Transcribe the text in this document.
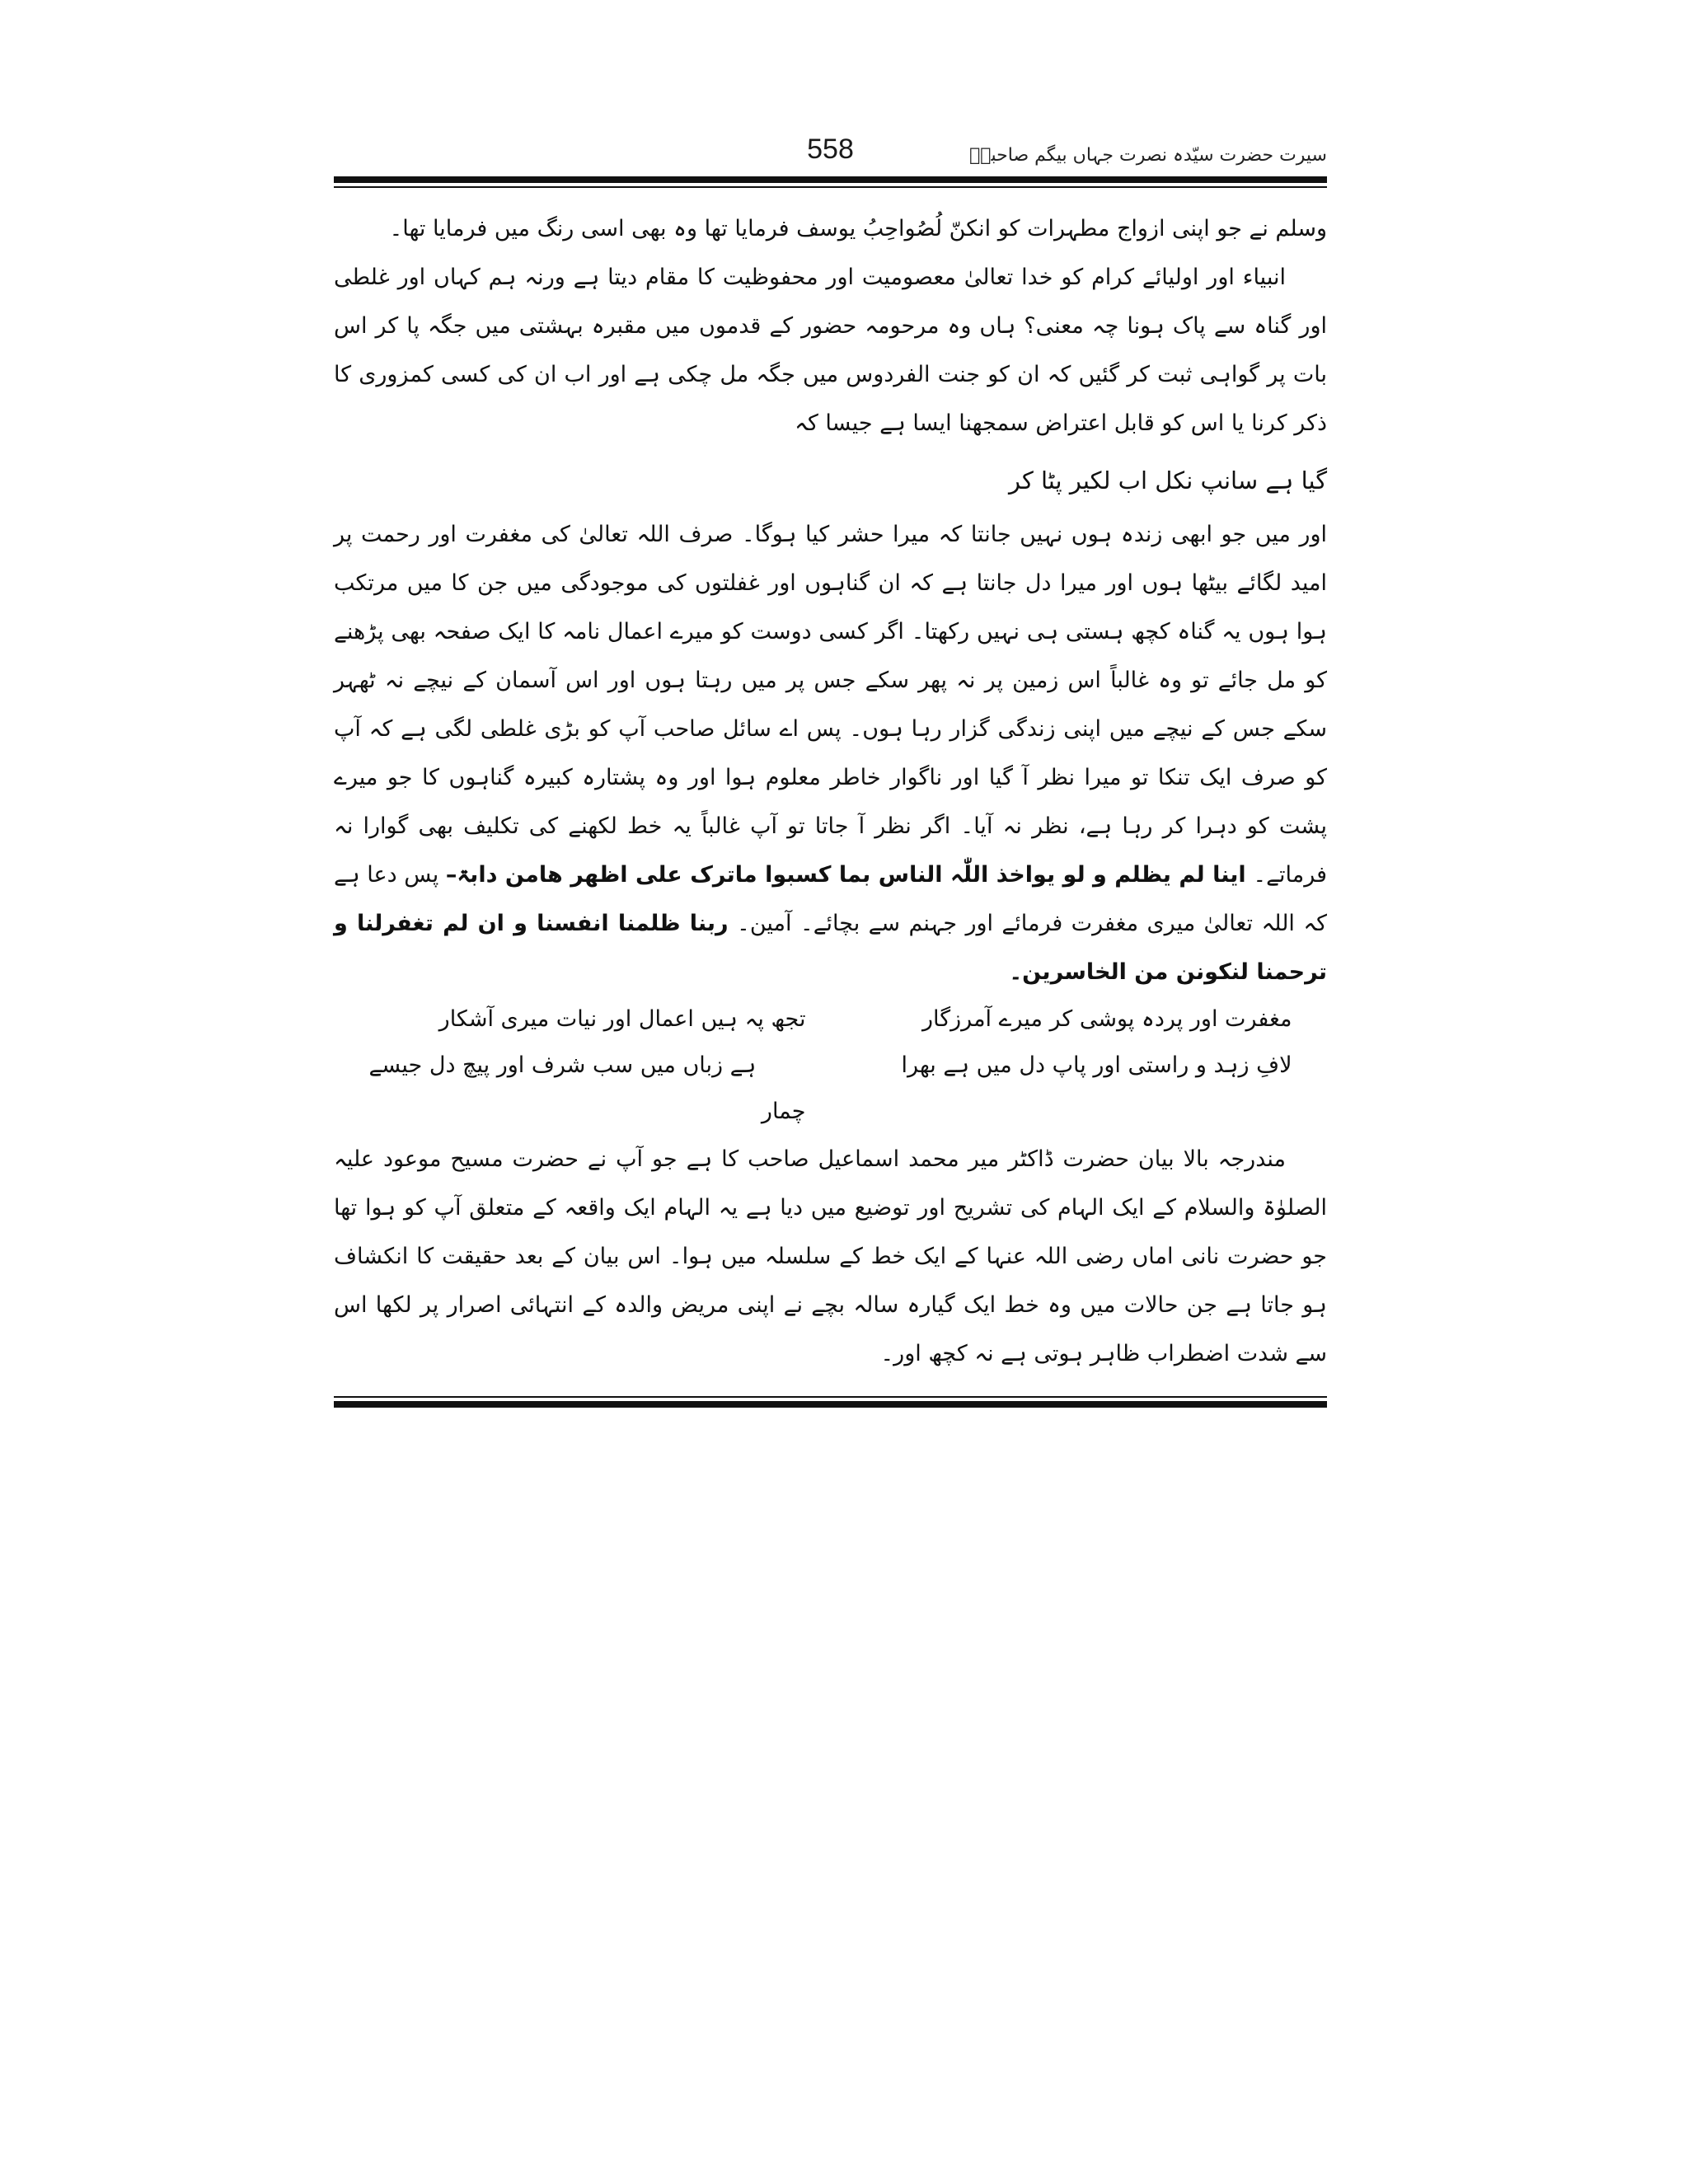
558	سیرت حضرت سیّدہ نصرت جہاں بیگم صاحبہؓ

وسلم نے جو اپنی ازواج مطہرات کو انکنّ لُصُواحِبُ یوسف فرمایا تھا وہ بھی اسی رنگ میں فرمایا تھا۔

انبیاء اور اولیائے کرام کو خدا تعالیٰ معصومیت اور محفوظیت کا مقام دیتا ہے ورنہ ہم کہاں اور غلطی اور گناہ سے پاک ہونا چہ معنی؟ ہاں وہ مرحومہ حضور کے قدموں میں مقبرہ بہشتی میں جگہ پا کر اس بات پر گواہی ثبت کر گئیں کہ ان کو جنت الفردوس میں جگہ مل چکی ہے اور اب ان کی کسی کمزوری کا ذکر کرنا یا اس کو قابل اعتراض سمجھنا ایسا ہے جیسا کہ

گیا ہے سانپ نکل اب لکیر پٹا کر

اور میں جو ابھی زندہ ہوں نہیں جانتا کہ میرا حشر کیا ہوگا۔ صرف اللہ تعالیٰ کی مغفرت اور رحمت پر امید لگائے بیٹھا ہوں اور میرا دل جانتا ہے کہ ان گناہوں اور غفلتوں کی موجودگی میں جن کا میں مرتکب ہوا ہوں یہ گناہ کچھ ہستی ہی نہیں رکھتا۔ اگر کسی دوست کو میرے اعمال نامہ کا ایک صفحہ بھی پڑھنے کو مل جائے تو وہ غالباً اس زمین پر نہ پھر سکے جس پر میں رہتا ہوں اور اس آسمان کے نیچے نہ ٹھہر سکے جس کے نیچے میں اپنی زندگی گزار رہا ہوں۔ پس اے سائل صاحب آپ کو بڑی غلطی لگی ہے کہ آپ کو صرف ایک تنکا تو میرا نظر آ گیا اور ناگوار خاطر معلوم ہوا اور وہ پشتارہ کبیرہ گناہوں کا جو میرے پشت کو دہرا کر رہا ہے، نظر نہ آیا۔ اگر نظر آ جاتا تو آپ غالباً یہ خط لکھنے کی تکلیف بھی گوارا نہ فرماتے۔ اینا لم یظلم و لو یواخذ اللّٰہ الناس بما کسبوا ماترک علی اظھر ھامن دابۃ– پس دعا ہے کہ اللہ تعالیٰ میری مغفرت فرمائے اور جہنم سے بچائے۔ آمین۔ ربنا ظلمنا انفسنا و ان لم تغفرلنا و ترحمنا لنکونن من الخاسرین۔

مغفرت اور پردہ پوشی کر میرے آمرزگار
تجھ پہ ہیں اعمال اور نیات میری آشکار
لافِ زہد و راستی اور پاپ دل میں ہے بھرا
ہے زباں میں سب شرف اور پیچ دل جیسے چمار

مندرجہ بالا بیان حضرت ڈاکٹر میر محمد اسماعیل صاحب کا ہے جو آپ نے حضرت مسیح موعود علیہ الصلوٰۃ والسلام کے ایک الہام کی تشریح اور توضیع میں دیا ہے یہ الہام ایک واقعہ کے متعلق آپ کو ہوا تھا جو حضرت نانی اماں رضی اللہ عنہا کے ایک خط کے سلسلہ میں ہوا۔ اس بیان کے بعد حقیقت کا انکشاف ہو جاتا ہے جن حالات میں وہ خط ایک گیارہ سالہ بچے نے اپنی مریض والدہ کے انتہائی اصرار پر لکھا اس سے شدت اضطراب ظاہر ہوتی ہے نہ کچھ اور۔
